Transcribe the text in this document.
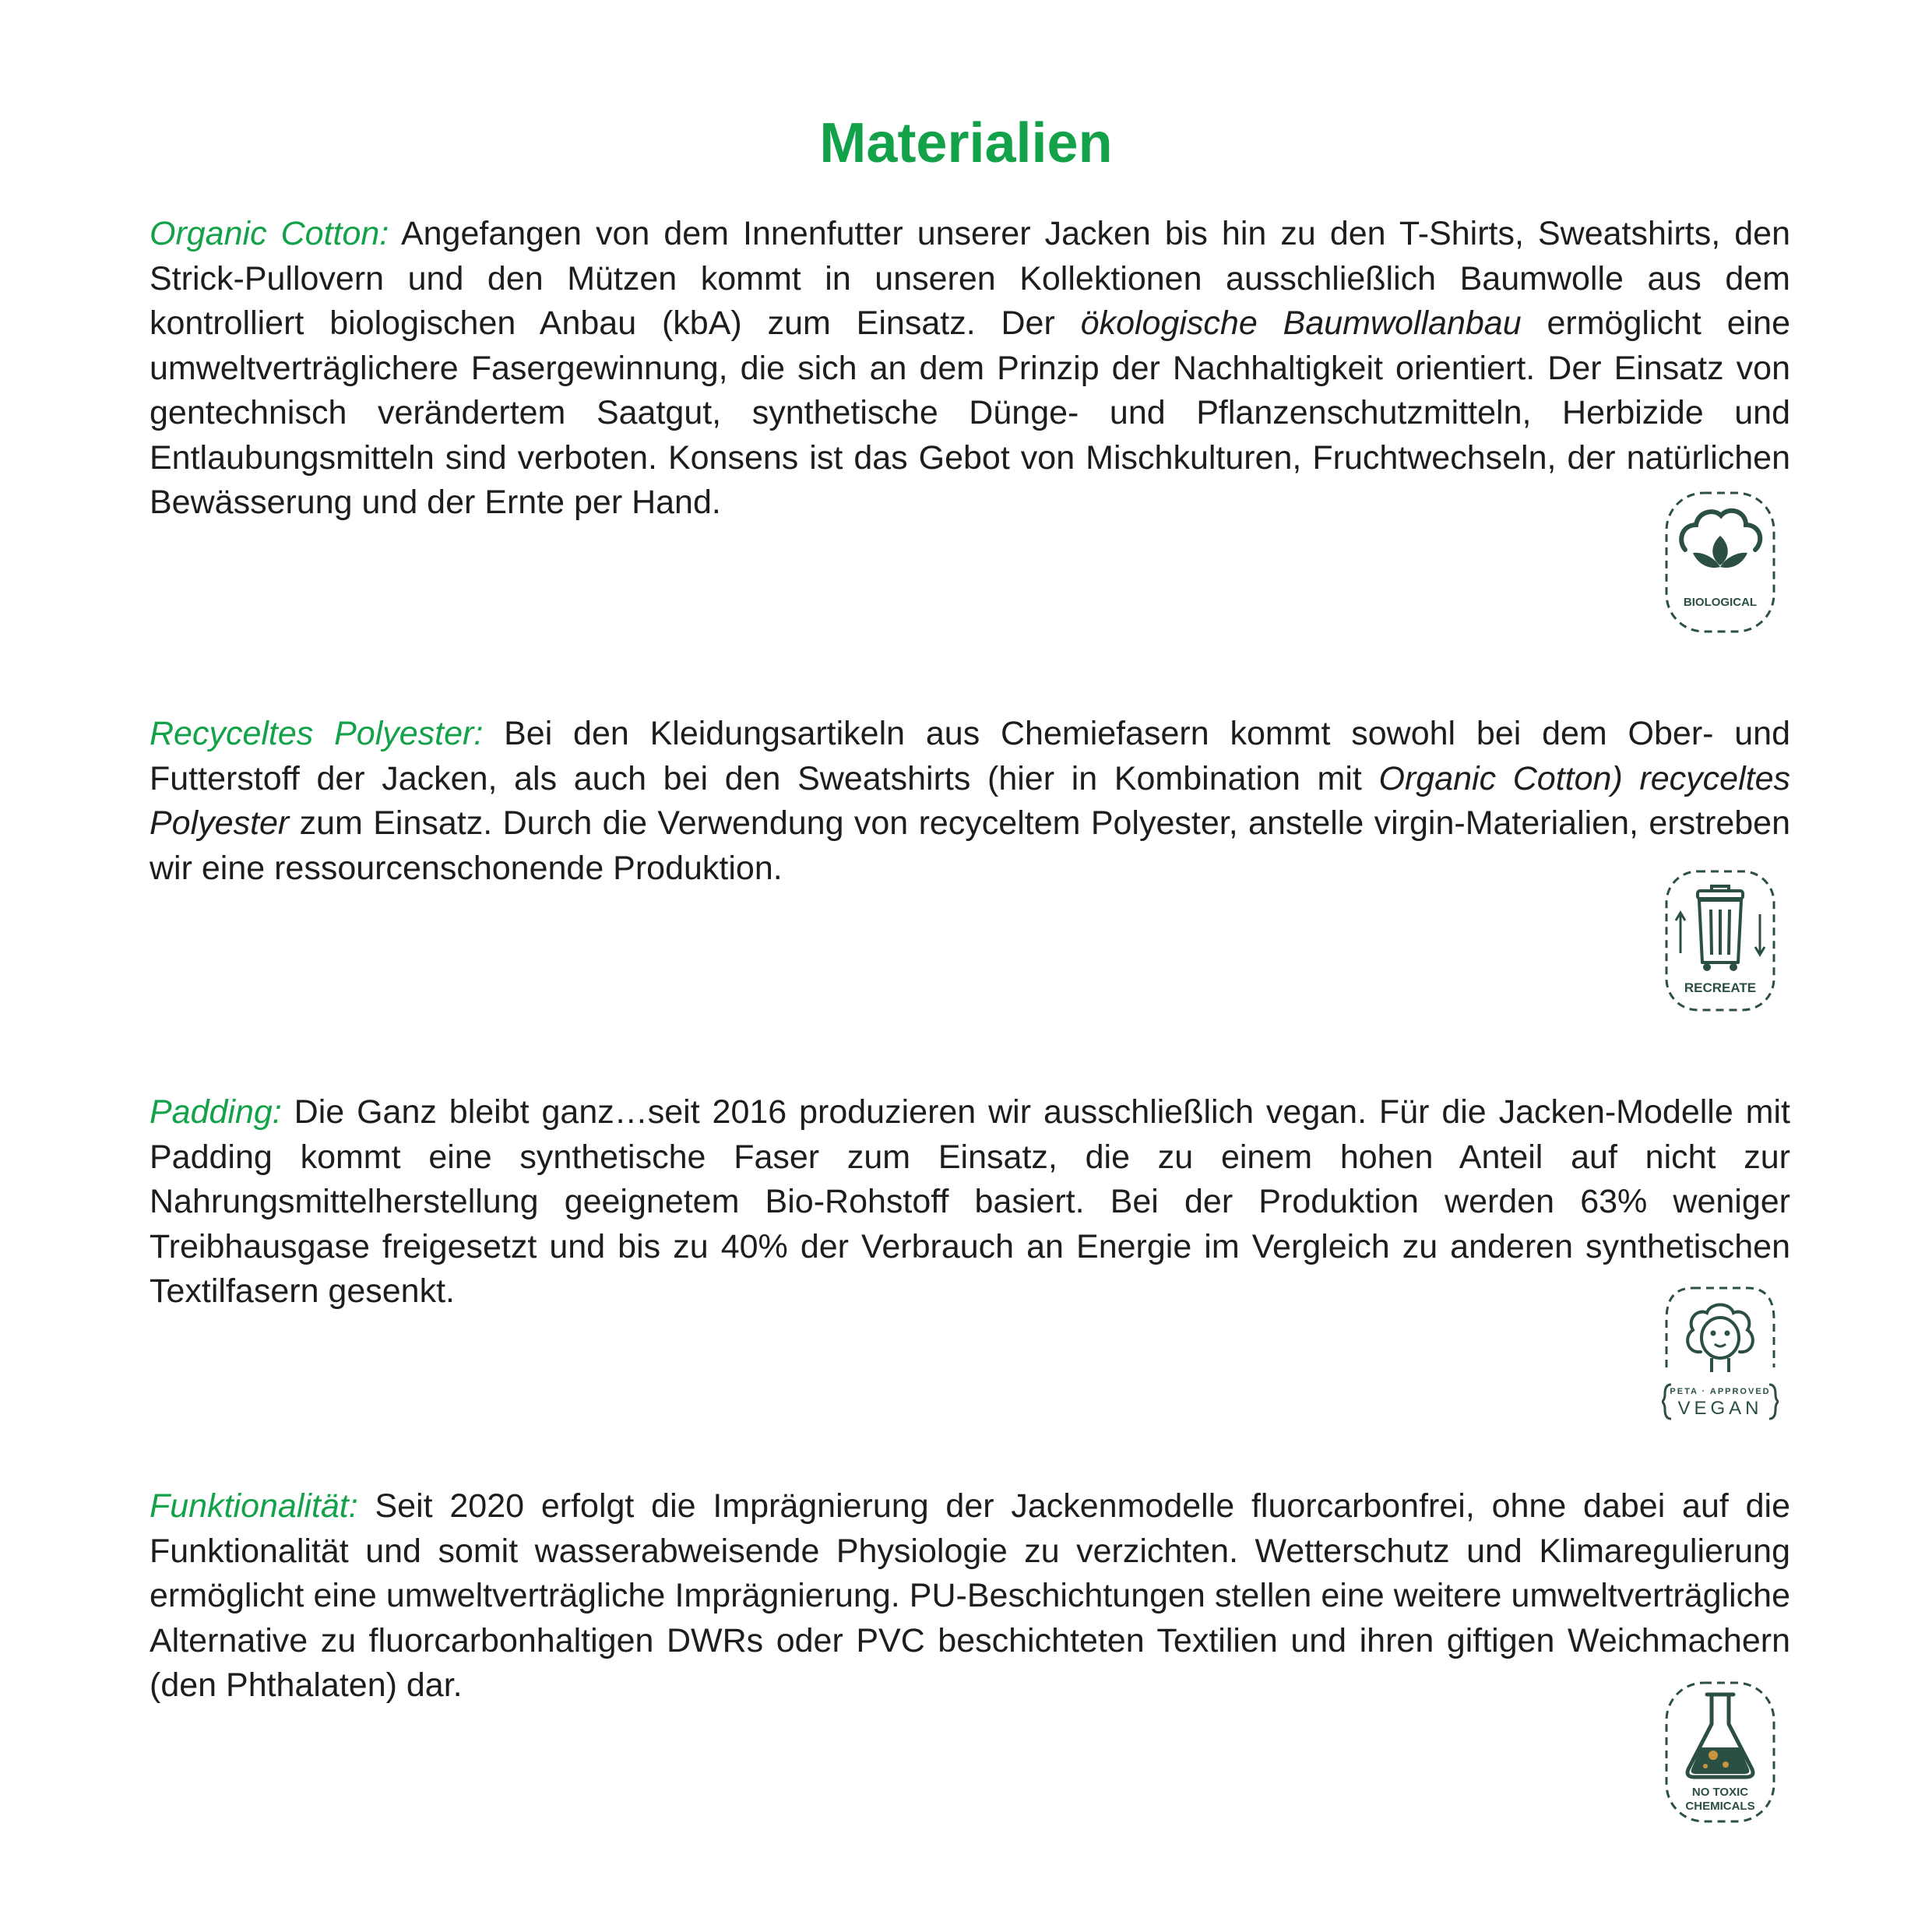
Materialien

Organic Cotton: Angefangen von dem Innenfutter unserer Jacken bis hin zu den T-Shirts, Sweatshirts, den Strick-Pullovern und den Mützen kommt in unseren Kollektionen ausschließlich Baumwolle aus dem kontrolliert biologischen Anbau (kbA) zum Einsatz. Der ökologische Baumwollanbau ermöglicht eine umweltverträglichere Fasergewinnung, die sich an dem Prinzip der Nachhaltigkeit orientiert. Der Einsatz von gentechnisch verändertem Saatgut, synthetische Dünge- und Pflanzenschutzmitteln, Herbizide und Entlaubungsmitteln sind verboten. Konsens ist das Gebot von Mischkulturen, Fruchtwechseln, der natürlichen Bewässerung und der Ernte per Hand.

BIOLOGICAL

Recyceltes Polyester: Bei den Kleidungsartikeln aus Chemiefasern kommt sowohl bei dem Ober- und Futterstoff der Jacken, als auch bei den Sweatshirts (hier in Kombination mit Organic Cotton) recyceltes Polyester zum Einsatz. Durch die Verwendung von recyceltem Polyester, anstelle virgin-Materialien, erstreben wir eine ressourcenschonende Produktion.

RECREATE

Padding: Die Ganz bleibt ganz…seit 2016 produzieren wir ausschließlich vegan. Für die Jacken-Modelle mit Padding kommt eine synthetische Faser zum Einsatz, die zu einem hohen Anteil auf nicht zur Nahrungsmittelherstellung geeignetem Bio-Rohstoff basiert. Bei der Produktion werden 63% weniger Treibhausgase freigesetzt und bis zu 40% der Verbrauch an Energie im Vergleich zu anderen synthetischen Textilfasern gesenkt.

PETA · APPROVED
VEGAN

Funktionalität: Seit 2020 erfolgt die Imprägnierung der Jackenmodelle fluorcarbonfrei, ohne dabei auf die Funktionalität und somit wasserabweisende Physiologie zu verzichten. Wetterschutz und Klimaregulierung ermöglicht eine umweltverträgliche Imprägnierung. PU-Beschichtungen stellen eine weitere umweltverträgliche Alternative zu fluorcarbonhaltigen DWRs oder PVC beschichteten Textilien und ihren giftigen Weichmachern (den Phthalaten) dar.

NO TOXIC
CHEMICALS
